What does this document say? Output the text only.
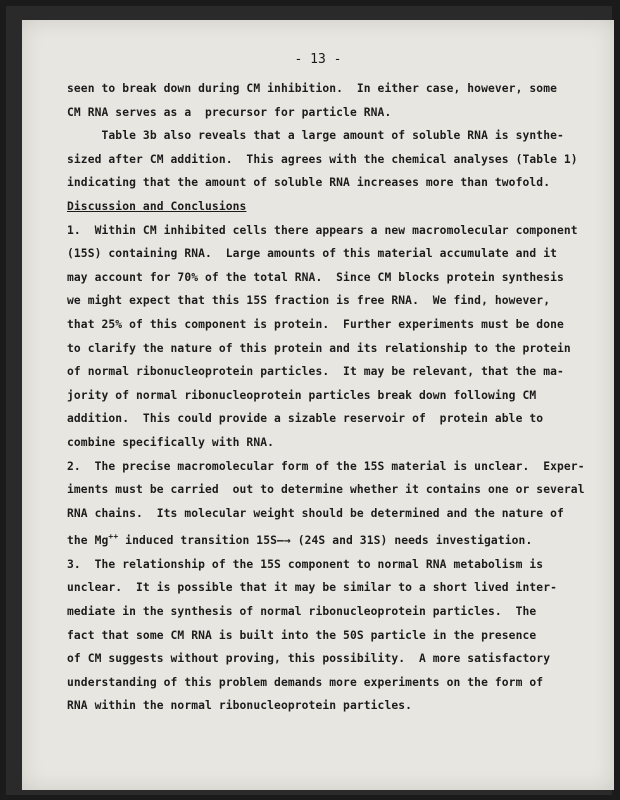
- 13 -
seen to break down during CM inhibition.  In either case, however, some
CM RNA serves as a  precursor for particle RNA.
Table 3b also reveals that a large amount of soluble RNA is synthe-
sized after CM addition.  This agrees with the chemical analyses (Table 1)
indicating that the amount of soluble RNA increases more than twofold.
Discussion and Conclusions
1.  Within CM inhibited cells there appears a new macromolecular component
(15S) containing RNA.  Large amounts of this material accumulate and it
may account for 70% of the total RNA.  Since CM blocks protein synthesis
we might expect that this 15S fraction is free RNA.  We find, however,
that 25% of this component is protein.  Further experiments must be done
to clarify the nature of this protein and its relationship to the protein
of normal ribonucleoprotein particles.  It may be relevant, that the ma-
jority of normal ribonucleoprotein particles break down following CM
addition.  This could provide a sizable reservoir of  protein able to
combine specifically with RNA.
2.  The precise macromolecular form of the 15S material is unclear.  Exper-
iments must be carried  out to determine whether it contains one or several
RNA chains.  Its molecular weight should be determined and the nature of
the Mg++ induced transition 15S—→ (24S and 31S) needs investigation.
3.  The relationship of the 15S component to normal RNA metabolism is
unclear.  It is possible that it may be similar to a short lived inter-
mediate in the synthesis of normal ribonucleoprotein particles.  The
fact that some CM RNA is built into the 50S particle in the presence
of CM suggests without proving, this possibility.  A more satisfactory
understanding of this problem demands more experiments on the form of
RNA within the normal ribonucleoprotein particles.
